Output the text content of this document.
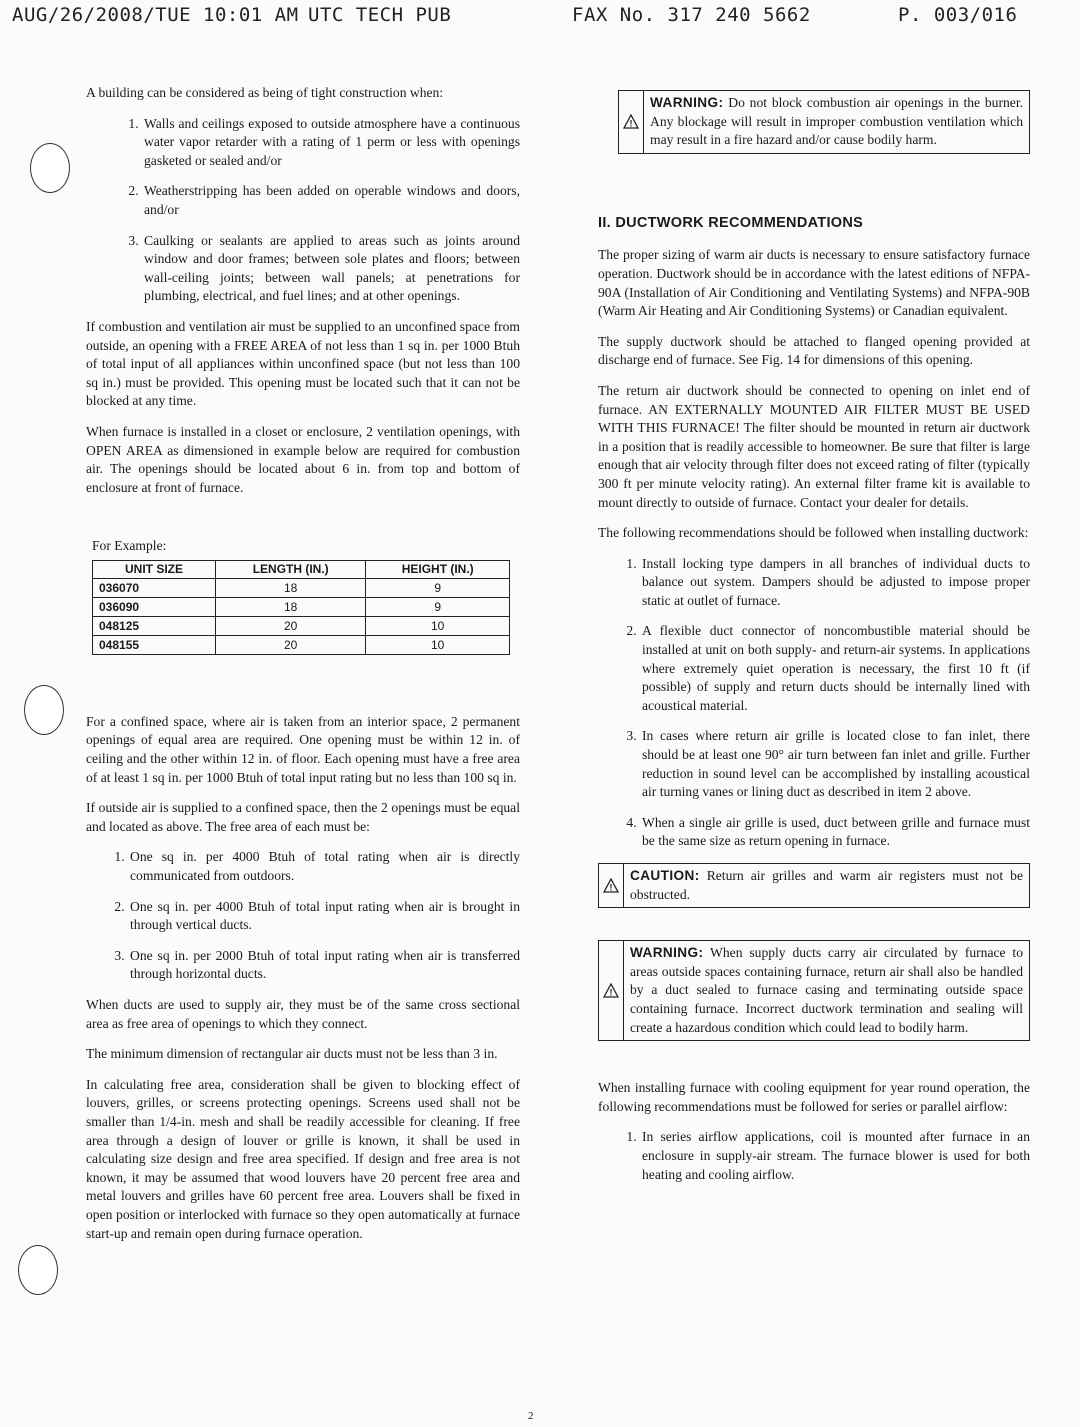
AUG/26/2008/TUE 10:01 AM UTC TECH PUB	FAX No. 317 240 5662	P. 003/016

A building can be considered as being of tight construction when:

1. Walls and ceilings exposed to outside atmosphere have a continuous water vapor retarder with a rating of 1 perm or less with openings gasketed or sealed and/or
2. Weatherstripping has been added on operable windows and doors, and/or
3. Caulking or sealants are applied to areas such as joints around window and door frames; between sole plates and floors; between wall-ceiling joints; between wall panels; at penetrations for plumbing, electrical, and fuel lines; and at other openings.

If combustion and ventilation air must be supplied to an unconfined space from outside, an opening with a FREE AREA of not less than 1 sq in. per 1000 Btuh of total input of all appliances within unconfined space (but not less than 100 sq in.) must be provided. This opening must be located such that it can not be blocked at any time.

When furnace is installed in a closet or enclosure, 2 ventilation openings, with OPEN AREA as dimensioned in example below are required for combustion air. The openings should be located about 6 in. from top and bottom of enclosure at front of furnace.

For Example:
UNIT SIZE	LENGTH (IN.)	HEIGHT (IN.)
036070	18	9
036090	18	9
048125	20	10
048155	20	10

For a confined space, where air is taken from an interior space, 2 permanent openings of equal area are required. One opening must be within 12 in. of ceiling and the other within 12 in. of floor. Each opening must have a free area of at least 1 sq in. per 1000 Btuh of total input rating but no less than 100 sq in.

If outside air is supplied to a confined space, then the 2 openings must be equal and located as above. The free area of each must be:

1. One sq in. per 4000 Btuh of total rating when air is directly communicated from outdoors.
2. One sq in. per 4000 Btuh of total input rating when air is brought in through vertical ducts.
3. One sq in. per 2000 Btuh of total input rating when air is transferred through horizontal ducts.

When ducts are used to supply air, they must be of the same cross sectional area as free area of openings to which they connect.

The minimum dimension of rectangular air ducts must not be less than 3 in.

In calculating free area, consideration shall be given to blocking effect of louvers, grilles, or screens protecting openings. Screens used shall not be smaller than 1/4-in. mesh and shall be readily accessible for cleaning. If free area through a design of louver or grille is known, it shall be used in calculating size design and free area specified. If design and free area is not known, it may be assumed that wood louvers have 20 percent free area and metal louvers and grilles have 60 percent free area. Louvers shall be fixed in open position or interlocked with furnace so they open automatically at furnace start-up and remain open during furnace operation.

!
WARNING: Do not block combustion air openings in the burner. Any blockage will result in improper combustion ventilation which may result in a fire hazard and/or cause bodily harm.
II. DUCTWORK RECOMMENDATIONS

The proper sizing of warm air ducts is necessary to ensure satisfactory furnace operation. Ductwork should be in accordance with the latest editions of NFPA-90A (Installation of Air Conditioning and Ventilating Systems) and NFPA-90B (Warm Air Heating and Air Conditioning Systems) or Canadian equivalent.

The supply ductwork should be attached to flanged opening provided at discharge end of furnace. See Fig. 14 for dimensions of this opening.

The return air ductwork should be connected to opening on inlet end of furnace. AN EXTERNALLY MOUNTED AIR FILTER MUST BE USED WITH THIS FURNACE! The filter should be mounted in return air ductwork in a position that is readily accessible to homeowner. Be sure that filter is large enough that air velocity through filter does not exceed rating of filter (typically 300 ft per minute velocity rating). An external filter frame kit is available to mount directly to outside of furnace. Contact your dealer for details.

The following recommendations should be followed when installing ductwork:

1. Install locking type dampers in all branches of individual ducts to balance out system. Dampers should be adjusted to impose proper static at outlet of furnace.
2. A flexible duct connector of noncombustible material should be installed at unit on both supply- and return-air systems. In applications where extremely quiet operation is necessary, the first 10 ft (if possible) of supply and return ducts should be internally lined with acoustical material.
3. In cases where return air grille is located close to fan inlet, there should be at least one 90° air turn between fan inlet and grille. Further reduction in sound level can be accomplished by installing acoustical air turning vanes or lining duct as described in item 2 above.
4. When a single air grille is used, duct between grille and furnace must be the same size as return opening in furnace.
!
CAUTION: Return air grilles and warm air registers must not be obstructed.
!
WARNING: When supply ducts carry air circulated by furnace to areas outside spaces containing furnace, return air shall also be handled by a duct sealed to furnace casing and terminating outside space containing furnace. Incorrect ductwork termination and sealing will create a hazardous condition which could lead to bodily harm.

When installing furnace with cooling equipment for year round operation, the following recommendations must be followed for series or parallel airflow:

1. In series airflow applications, coil is mounted after furnace in an enclosure in supply-air stream. The furnace blower is used for both heating and cooling airflow.
2
